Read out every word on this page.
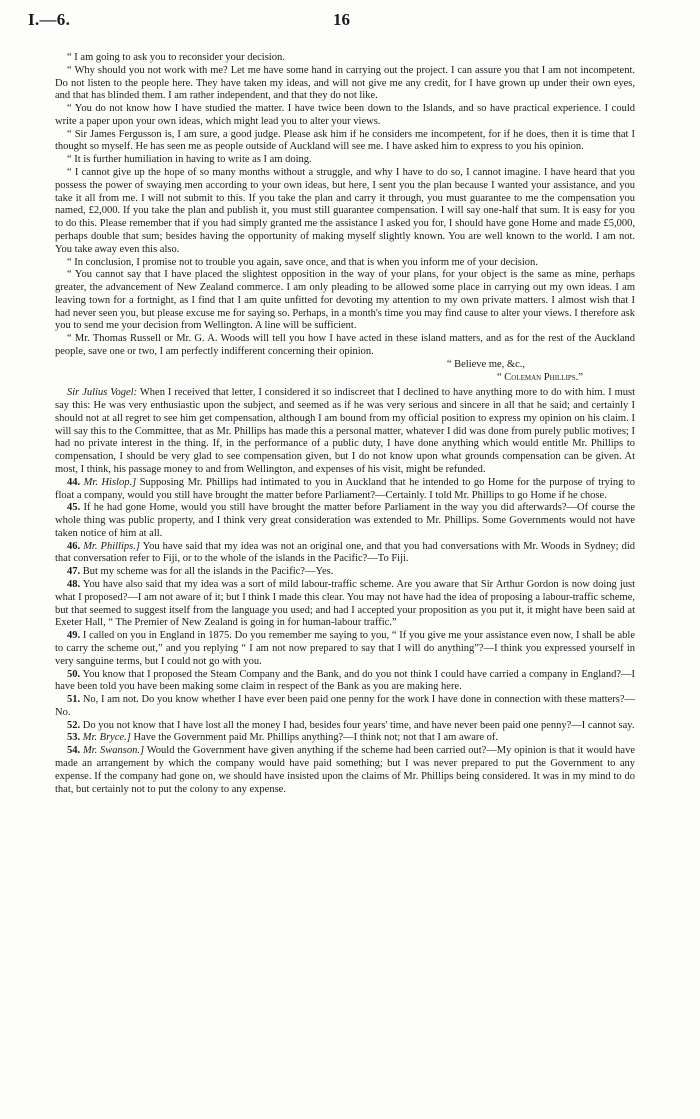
I.—6.	16

“ I am going to ask you to reconsider your decision.

“ Why should you not work with me? Let me have some hand in carrying out the project. I can assure you that I am not incompetent. Do not listen to the people here. They have taken my ideas, and will not give me any credit, for I have grown up under their own eyes, and that has blinded them. I am rather independent, and that they do not like.

“ You do not know how I have studied the matter. I have twice been down to the Islands, and so have practical experience. I could write a paper upon your own ideas, which might lead you to alter your views.

“ Sir James Fergusson is, I am sure, a good judge. Please ask him if he considers me incompetent, for if he does, then it is time that I thought so myself. He has seen me as people outside of Auckland will see me. I have asked him to express to you his opinion.

“ It is further humiliation in having to write as I am doing.

“ I cannot give up the hope of so many months without a struggle, and why I have to do so, I cannot imagine. I have heard that you possess the power of swaying men according to your own ideas, but here, I sent you the plan because I wanted your assistance, and you take it all from me. I will not submit to this. If you take the plan and carry it through, you must guarantee to me the compensation you named, £2,000. If you take the plan and publish it, you must still guarantee compensation. I will say one-half that sum. It is easy for you to do this. Please remember that if you had simply granted me the assistance I asked you for, I should have gone Home and made £5,000, perhaps double that sum; besides having the opportunity of making myself slightly known. You are well known to the world. I am not. You take away even this also.

“ In conclusion, I promise not to trouble you again, save once, and that is when you inform me of your decision.

“ You cannot say that I have placed the slightest opposition in the way of your plans, for your object is the same as mine, perhaps greater, the advancement of New Zealand commerce. I am only pleading to be allowed some place in carrying out my own ideas. I am leaving town for a fortnight, as I find that I am quite unfitted for devoting my attention to my own private matters. I almost wish that I had never seen you, but please excuse me for saying so. Perhaps, in a month's time you may find cause to alter your views. I therefore ask you to send me your decision from Wellington. A line will be sufficient.

“ Mr. Thomas Russell or Mr. G. A. Woods will tell you how I have acted in these island matters, and as for the rest of the Auckland people, save one or two, I am perfectly indifferent concerning their opinion.

“ Believe me, &c.,

“ Coleman Phillips.”

Sir Julius Vogel: When I received that letter, I considered it so indiscreet that I declined to have anything more to do with him. I must say this: He was very enthusiastic upon the subject, and seemed as if he was very serious and sincere in all that he said; and certainly I should not at all regret to see him get compensation, although I am bound from my official position to express my opinion on his claim. I will say this to the Committee, that as Mr. Phillips has made this a personal matter, whatever I did was done from purely public motives; I had no private interest in the thing. If, in the performance of a public duty, I have done anything which would entitle Mr. Phillips to compensation, I should be very glad to see compensation given, but I do not know upon what grounds compensation can be given. At most, I think, his passage money to and from Wellington, and expenses of his visit, might be refunded.

44. Mr. Hislop.] Supposing Mr. Phillips had intimated to you in Auckland that he intended to go Home for the purpose of trying to float a company, would you still have brought the matter before Parliament?—Certainly. I told Mr. Phillips to go Home if he chose.

45. If he had gone Home, would you still have brought the matter before Parliament in the way you did afterwards?—Of course the whole thing was public property, and I think very great consideration was extended to Mr. Phillips. Some Governments would not have taken notice of him at all.

46. Mr. Phillips.] You have said that my idea was not an original one, and that you had conversations with Mr. Woods in Sydney; did that conversation refer to Fiji, or to the whole of the islands in the Pacific?—To Fiji.

47. But my scheme was for all the islands in the Pacific?—Yes.

48. You have also said that my idea was a sort of mild labour-traffic scheme. Are you aware that Sir Arthur Gordon is now doing just what I proposed?—I am not aware of it; but I think I made this clear. You may not have had the idea of proposing a labour-traffic scheme, but that seemed to suggest itself from the language you used; and had I accepted your proposition as you put it, it might have been said at Exeter Hall, “ The Premier of New Zealand is going in for human-labour traffic.”

49. I called on you in England in 1875. Do you remember me saying to you, “ If you give me your assistance even now, I shall be able to carry the scheme out,” and you replying “ I am not now prepared to say that I will do anything”?—I think you expressed yourself in very sanguine terms, but I could not go with you.

50. You know that I proposed the Steam Company and the Bank, and do you not think I could have carried a company in England?—I have been told you have been making some claim in respect of the Bank as you are making here.

51. No, I am not. Do you know whether I have ever been paid one penny for the work I have done in connection with these matters?—No.

52. Do you not know that I have lost all the money I had, besides four years' time, and have never been paid one penny?—I cannot say.

53. Mr. Bryce.] Have the Government paid Mr. Phillips anything?—I think not; not that I am aware of.

54. Mr. Swanson.] Would the Government have given anything if the scheme had been carried out?—My opinion is that it would have made an arrangement by which the company would have paid something; but I was never prepared to put the Government to any expense. If the company had gone on, we should have insisted upon the claims of Mr. Phillips being considered. It was in my mind to do that, but certainly not to put the colony to any expense.
